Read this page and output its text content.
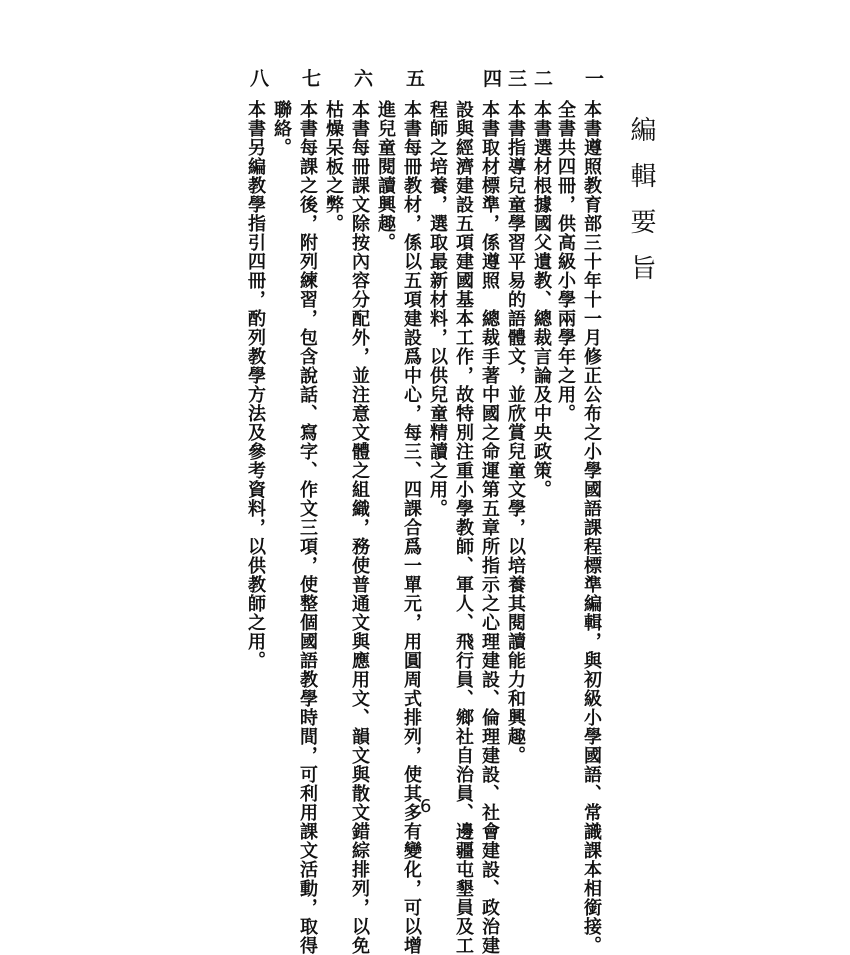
編輯要旨
一
本書遵照教育部三十年十一月修正公布之小學國語課程標準編輯，與初級小學國語、常識課本相銜接。
全書共四冊，供高級小學兩學年之用。
二
本書選材根據國父遺教、總裁言論及中央政策。
三
本書指導兒童學習平易的語體文，並欣賞兒童文學，以培養其閱讀能力和興趣。
四
本書取材標準，係遵照　總裁手著中國之命運第五章所指示之心理建設、倫理建設、社會建設、政治建
設與經濟建設五項建國基本工作，故特別注重小學教師、軍人、飛行員、鄉社自治員、邊疆屯墾員及工
程師之培養，選取最新材料，以供兒童精讀之用。
五
本書每冊教材，係以五項建設爲中心，每三、四課合爲一單元，用圓周式排列，使其多有變化，可以增
進兒童閱讀興趣。
六
本書每冊課文除按內容分配外，並注意文體之組織，務使普通文與應用文、韻文與散文錯綜排列，以免
枯燥呆板之弊。
七
本書每課之後，附列練習，包含說話、寫字、作文三項，使整個國語教學時間，可利用課文活動，取得
聯絡。
八
本書另編教學指引四冊，酌列教學方法及參考資料，以供教師之用。
6
